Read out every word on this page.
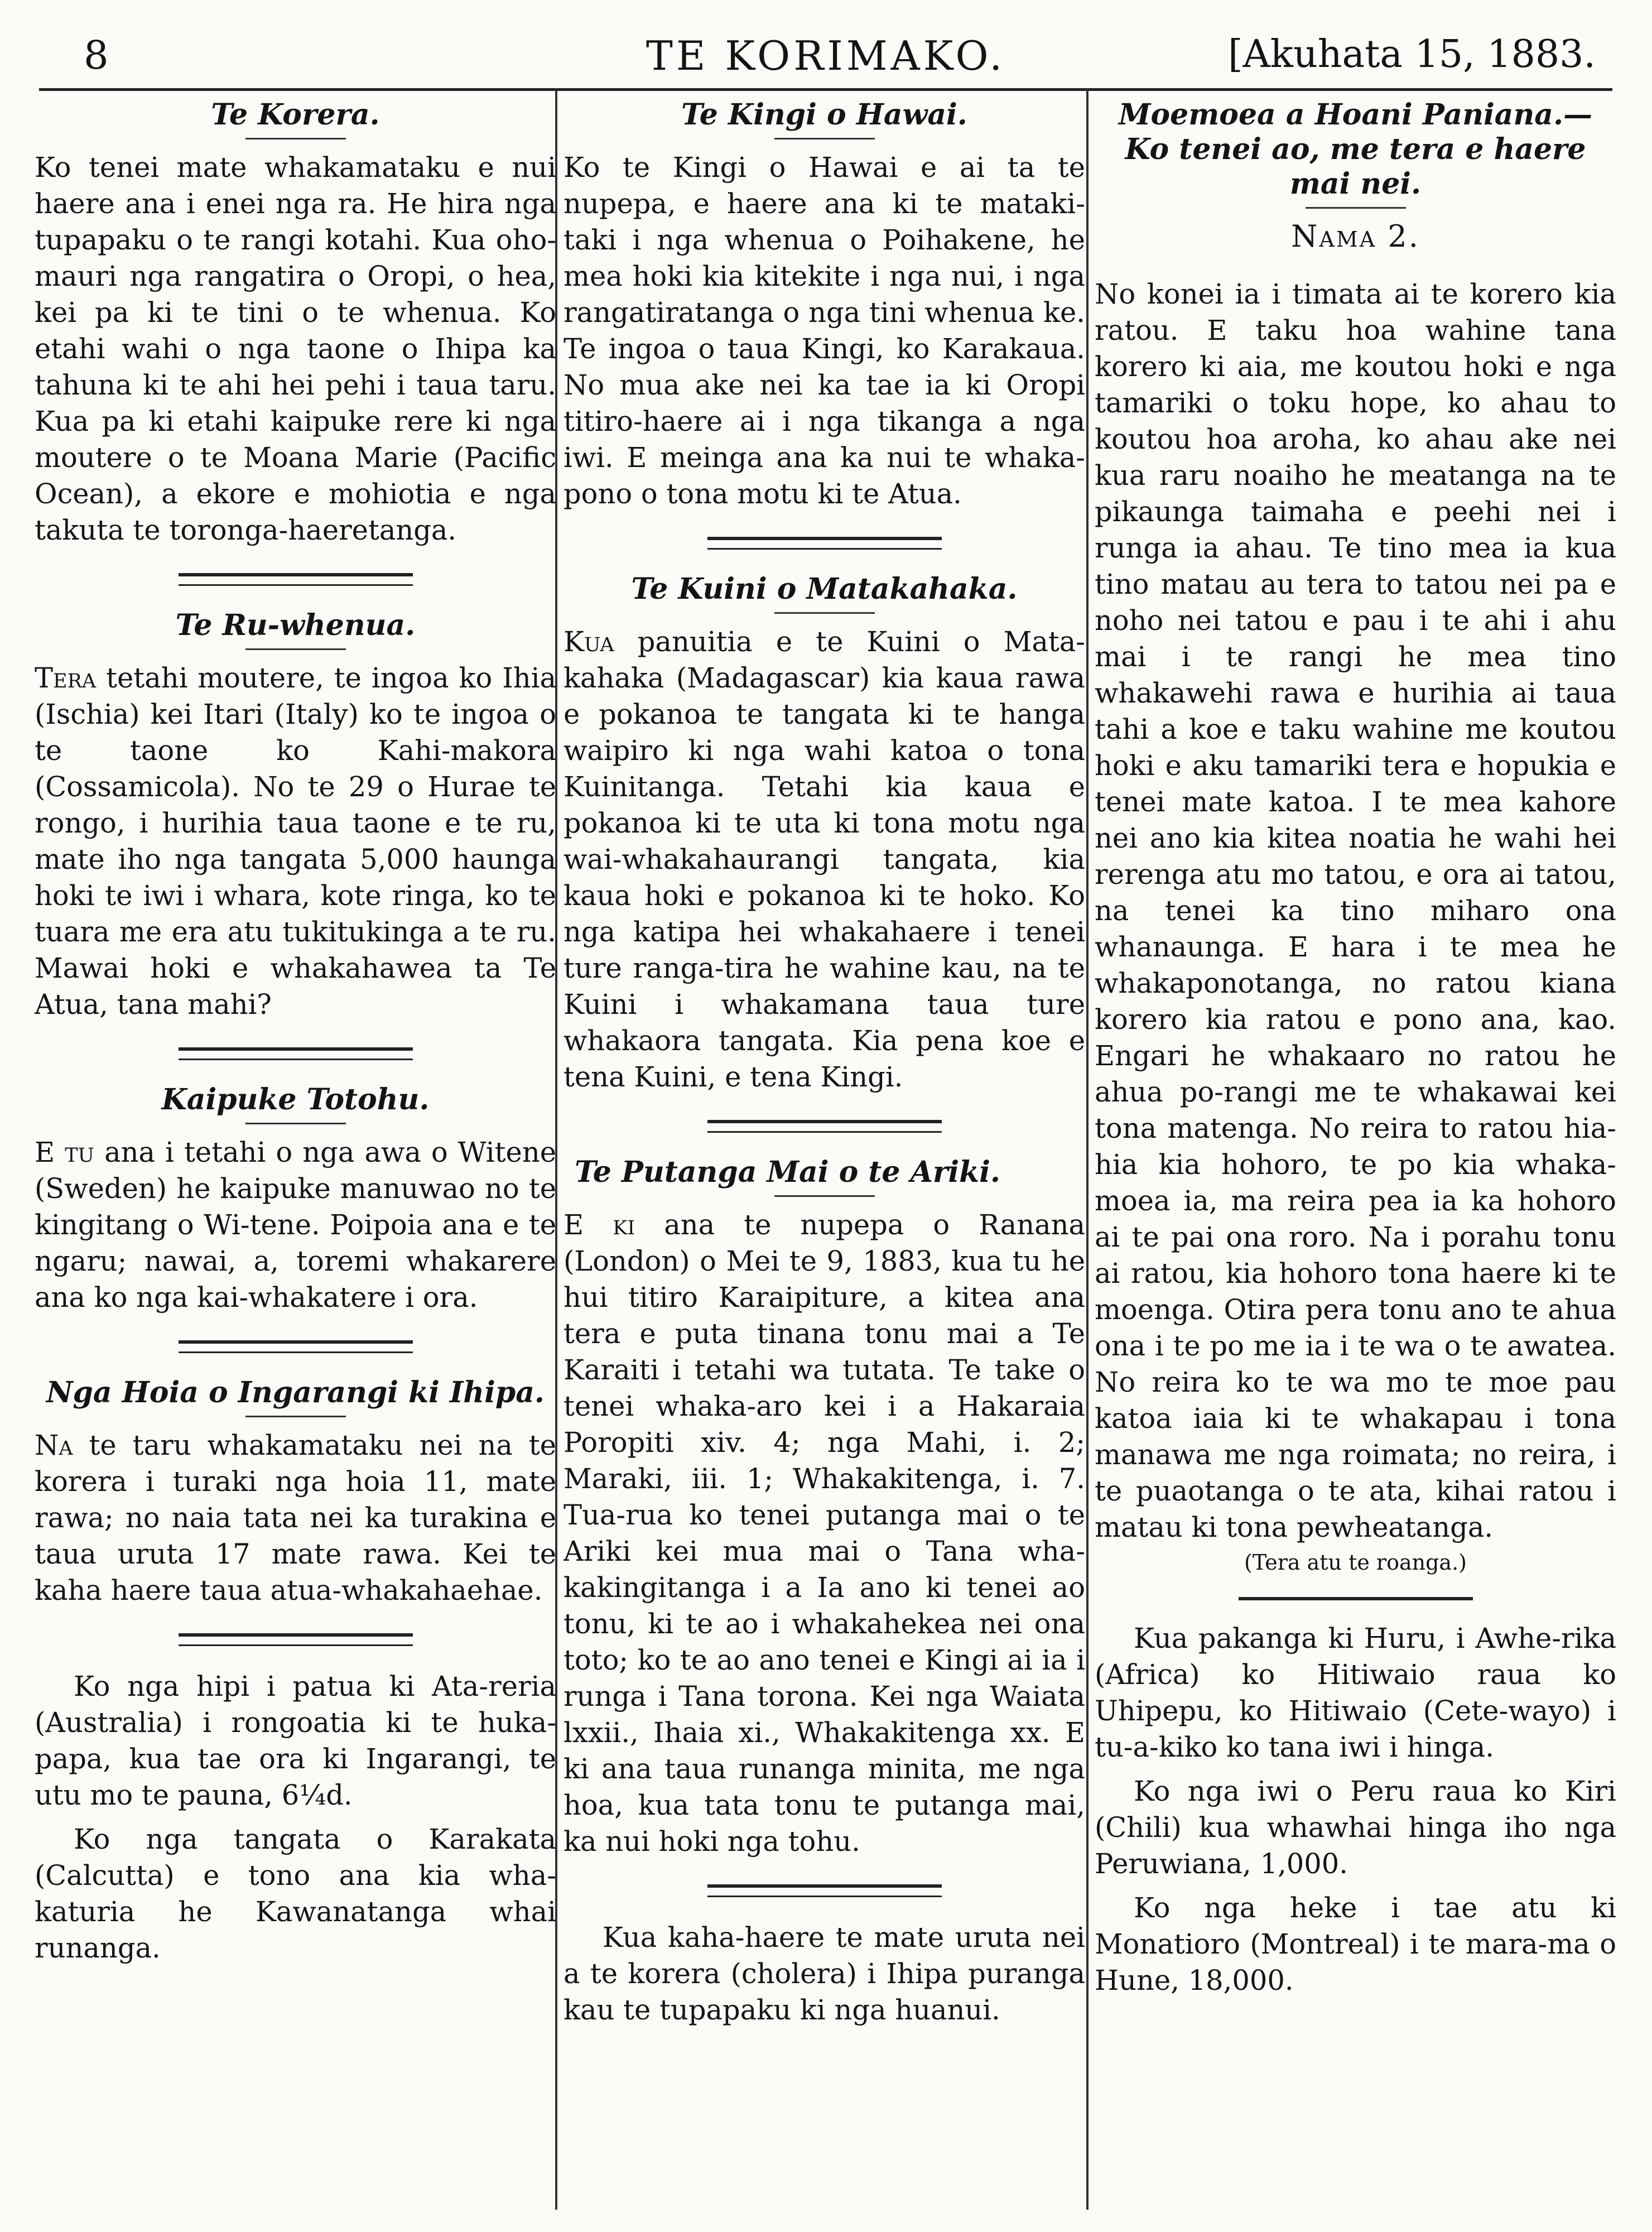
8	TE KORIMAKO.	[Akuhata 15, 1883.
Te Korera.

Ko tenei mate whakamataku e nui haere ana i enei nga ra. He hira nga tupapaku o te rangi kotahi. Kua oho-mauri nga rangatira o Oropi, o hea, kei pa ki te tini o te whenua. Ko etahi wahi o nga taone o Ihipa ka tahuna ki te ahi hei pehi i taua taru. Kua pa ki etahi kaipuke rere ki nga moutere o te Moana Marie (Pacific Ocean), a ekore e mohiotia e nga takuta te toronga-haeretanga.

Te Ru-whenua.

Tera tetahi moutere, te ingoa ko Ihia (Ischia) kei Itari (Italy) ko te ingoa o te taone ko Kahi-makora (Cossamicola). No te 29 o Hurae te rongo, i hurihia taua taone e te ru, mate iho nga tangata 5,000 haunga hoki te iwi i whara, kote ringa, ko te tuara me era atu tukitukinga a te ru. Mawai hoki e whakahawea ta Te Atua, tana mahi?

Kaipuke Totohu.

E tu ana i tetahi o nga awa o Witene (Sweden) he kaipuke manuwao no te kingitang o Wi-tene. Poipoia ana e te ngaru; nawai, a, toremi whakarere ana ko nga kai-whakatere i ora.

Nga Hoia o Ingarangi ki Ihipa.

Na te taru whakamataku nei na te korera i turaki nga hoia 11, mate rawa; no naia tata nei ka turakina e taua uruta 17 mate rawa. Kei te kaha haere taua atua-whakahaehae.

Ko nga hipi i patua ki Ata-reria (Australia) i rongoatia ki te huka-papa, kua tae ora ki Ingarangi, te utu mo te pauna, 6¼d.

Ko nga tangata o Karakata (Calcutta) e tono ana kia wha-katuria he Kawanatanga whai runanga.

Te Kingi o Hawai.

Ko te Kingi o Hawai e ai ta te nupepa, e haere ana ki te mataki-taki i nga whenua o Poihakene, he mea hoki kia kitekite i nga nui, i nga rangatiratanga o nga tini whenua ke. Te ingoa o taua Kingi, ko Karakaua. No mua ake nei ka tae ia ki Oropi titiro-haere ai i nga tikanga a nga iwi. E meinga ana ka nui te whaka-pono o tona motu ki te Atua.

Te Kuini o Matakahaka.

Kua panuitia e te Kuini o Mata-kahaka (Madagascar) kia kaua rawa e pokanoa te tangata ki te hanga waipiro ki nga wahi katoa o tona Kuinitanga. Tetahi kia kaua e pokanoa ki te uta ki tona motu nga wai-whakahaurangi tangata, kia kaua hoki e pokanoa ki te hoko. Ko nga katipa hei whakahaere i tenei ture ranga-tira he wahine kau, na te Kuini i whakamana taua ture whakaora tangata. Kia pena koe e tena Kuini, e tena Kingi.

Te Putanga Mai o te Ariki.

E ki ana te nupepa o Ranana (London) o Mei te 9, 1883, kua tu he hui titiro Karaipiture, a kitea ana tera e puta tinana tonu mai a Te Karaiti i tetahi wa tutata. Te take o tenei whaka-aro kei i a Hakaraia Poropiti xiv. 4; nga Mahi, i. 2; Maraki, iii. 1; Whakakitenga, i. 7. Tua-rua ko tenei putanga mai o te Ariki kei mua mai o Tana wha-kakingitanga i a Ia ano ki tenei ao tonu, ki te ao i whakahekea nei ona toto; ko te ao ano tenei e Kingi ai ia i runga i Tana torona. Kei nga Waiata lxxii., Ihaia xi., Whakakitenga xx. E ki ana taua runanga minita, me nga hoa, kua tata tonu te putanga mai, ka nui hoki nga tohu.

Kua kaha-haere te mate uruta nei a te korera (cholera) i Ihipa puranga kau te tupapaku ki nga huanui.

Moemoea a Hoani Paniana.— Ko tenei ao, me tera e haere mai nei.
Nama 2.

No konei ia i timata ai te korero kia ratou. E taku hoa wahine tana korero ki aia, me koutou hoki e nga tamariki o toku hope, ko ahau to koutou hoa aroha, ko ahau ake nei kua raru noaiho he meatanga na te pikaunga taimaha e peehi nei i runga ia ahau. Te tino mea ia kua tino matau au tera to tatou nei pa e noho nei tatou e pau i te ahi i ahu mai i te rangi he mea tino whakawehi rawa e hurihia ai taua tahi a koe e taku wahine me koutou hoki e aku tamariki tera e hopukia e tenei mate katoa. I te mea kahore nei ano kia kitea noatia he wahi hei rerenga atu mo tatou, e ora ai tatou, na tenei ka tino miharo ona whanaunga. E hara i te mea he whakaponotanga, no ratou kiana korero kia ratou e pono ana, kao. Engari he whakaaro no ratou he ahua po-rangi me te whakawai kei tona matenga. No reira to ratou hia-hia kia hohoro, te po kia whaka-moea ia, ma reira pea ia ka hohoro ai te pai ona roro. Na i porahu tonu ai ratou, kia hohoro tona haere ki te moenga. Otira pera tonu ano te ahua ona i te po me ia i te wa o te awatea. No reira ko te wa mo te moe pau katoa iaia ki te whakapau i tona manawa me nga roimata; no reira, i te puaotanga o te ata, kihai ratou i matau ki tona pewheatanga.

(Tera atu te roanga.)

Kua pakanga ki Huru, i Awhe-rika (Africa) ko Hitiwaio raua ko Uhipepu, ko Hitiwaio (Cete-wayo) i tu-a-kiko ko tana iwi i hinga.

Ko nga iwi o Peru raua ko Kiri (Chili) kua whawhai hinga iho nga Peruwiana, 1,000.

Ko nga heke i tae atu ki Monatioro (Montreal) i te mara-ma o Hune, 18,000.
